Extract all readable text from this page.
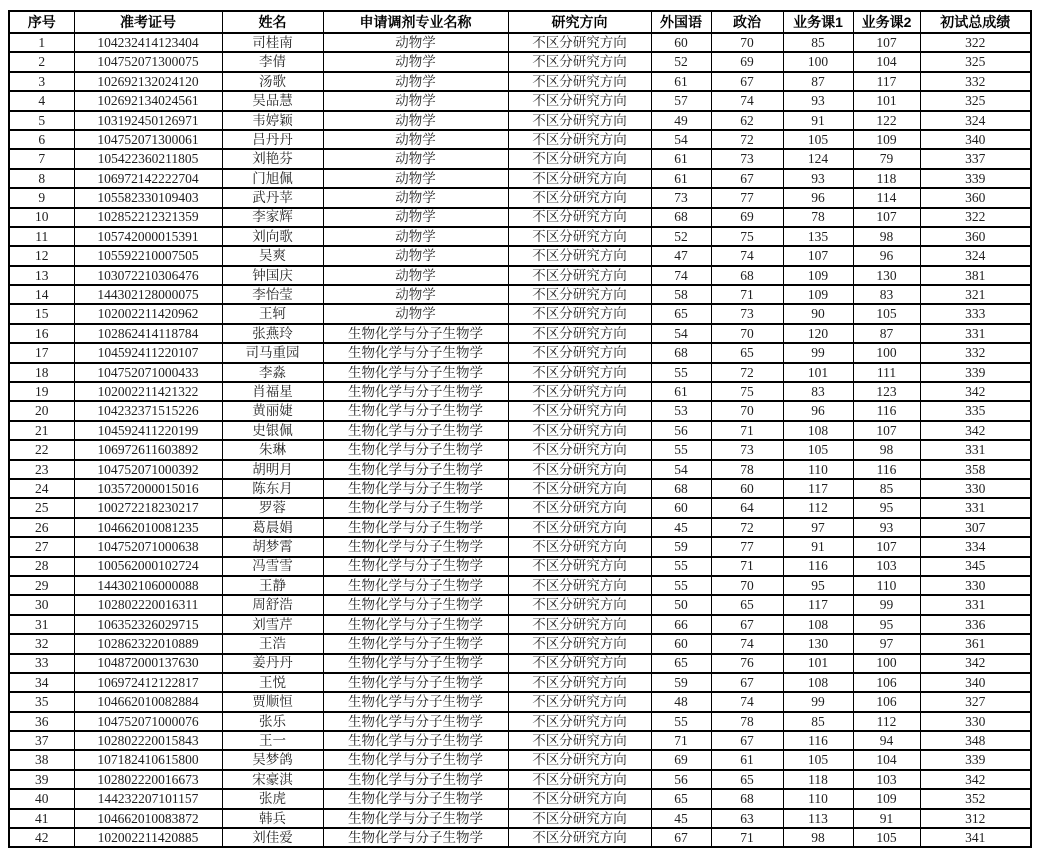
序号	准考证号	姓名	申请调剂专业名称	研究方向	外国语	政治	业务课1	业务课2	初试总成绩
1	104232414123404	司桂南	动物学	不区分研究方向	60	70	85	107	322
2	104752071300075	李倩	动物学	不区分研究方向	52	69	100	104	325
3	102692132024120	汤歌	动物学	不区分研究方向	61	67	87	117	332
4	102692134024561	吴品慧	动物学	不区分研究方向	57	74	93	101	325
5	103192450126971	韦婷颖	动物学	不区分研究方向	49	62	91	122	324
6	104752071300061	吕丹丹	动物学	不区分研究方向	54	72	105	109	340
7	105422360211805	刘艳芬	动物学	不区分研究方向	61	73	124	79	337
8	106972142222704	门旭佩	动物学	不区分研究方向	61	67	93	118	339
9	105582330109403	武丹苹	动物学	不区分研究方向	73	77	96	114	360
10	102852212321359	李家辉	动物学	不区分研究方向	68	69	78	107	322
11	105742000015391	刘向歌	动物学	不区分研究方向	52	75	135	98	360
12	105592210007505	吴爽	动物学	不区分研究方向	47	74	107	96	324
13	103072210306476	钟国庆	动物学	不区分研究方向	74	68	109	130	381
14	144302128000075	李怡莹	动物学	不区分研究方向	58	71	109	83	321
15	102002211420962	王轲	动物学	不区分研究方向	65	73	90	105	333
16	102862414118784	张燕玲	生物化学与分子生物学	不区分研究方向	54	70	120	87	331
17	104592411220107	司马重园	生物化学与分子生物学	不区分研究方向	68	65	99	100	332
18	104752071000433	李淼	生物化学与分子生物学	不区分研究方向	55	72	101	111	339
19	102002211421322	肖福星	生物化学与分子生物学	不区分研究方向	61	75	83	123	342
20	104232371515226	黄丽婕	生物化学与分子生物学	不区分研究方向	53	70	96	116	335
21	104592411220199	史银佩	生物化学与分子生物学	不区分研究方向	56	71	108	107	342
22	106972611603892	朱琳	生物化学与分子生物学	不区分研究方向	55	73	105	98	331
23	104752071000392	胡明月	生物化学与分子生物学	不区分研究方向	54	78	110	116	358
24	103572000015016	陈东月	生物化学与分子生物学	不区分研究方向	68	60	117	85	330
25	100272218230217	罗蓉	生物化学与分子生物学	不区分研究方向	60	64	112	95	331
26	104662010081235	葛晨娟	生物化学与分子生物学	不区分研究方向	45	72	97	93	307
27	104752071000638	胡梦霄	生物化学与分子生物学	不区分研究方向	59	77	91	107	334
28	100562000102724	冯雪雪	生物化学与分子生物学	不区分研究方向	55	71	116	103	345
29	144302106000088	王静	生物化学与分子生物学	不区分研究方向	55	70	95	110	330
30	102802220016311	周舒浩	生物化学与分子生物学	不区分研究方向	50	65	117	99	331
31	106352326029715	刘雪芹	生物化学与分子生物学	不区分研究方向	66	67	108	95	336
32	102862322010889	王浩	生物化学与分子生物学	不区分研究方向	60	74	130	97	361
33	104872000137630	姜丹丹	生物化学与分子生物学	不区分研究方向	65	76	101	100	342
34	106972412122817	王悦	生物化学与分子生物学	不区分研究方向	59	67	108	106	340
35	104662010082884	贾顺恒	生物化学与分子生物学	不区分研究方向	48	74	99	106	327
36	104752071000076	张乐	生物化学与分子生物学	不区分研究方向	55	78	85	112	330
37	102802220015843	王一	生物化学与分子生物学	不区分研究方向	71	67	116	94	348
38	107182410615800	吴梦鸽	生物化学与分子生物学	不区分研究方向	69	61	105	104	339
39	102802220016673	宋豪淇	生物化学与分子生物学	不区分研究方向	56	65	118	103	342
40	144232207101157	张虎	生物化学与分子生物学	不区分研究方向	65	68	110	109	352
41	104662010083872	韩兵	生物化学与分子生物学	不区分研究方向	45	63	113	91	312
42	102002211420885	刘佳爱	生物化学与分子生物学	不区分研究方向	67	71	98	105	341
